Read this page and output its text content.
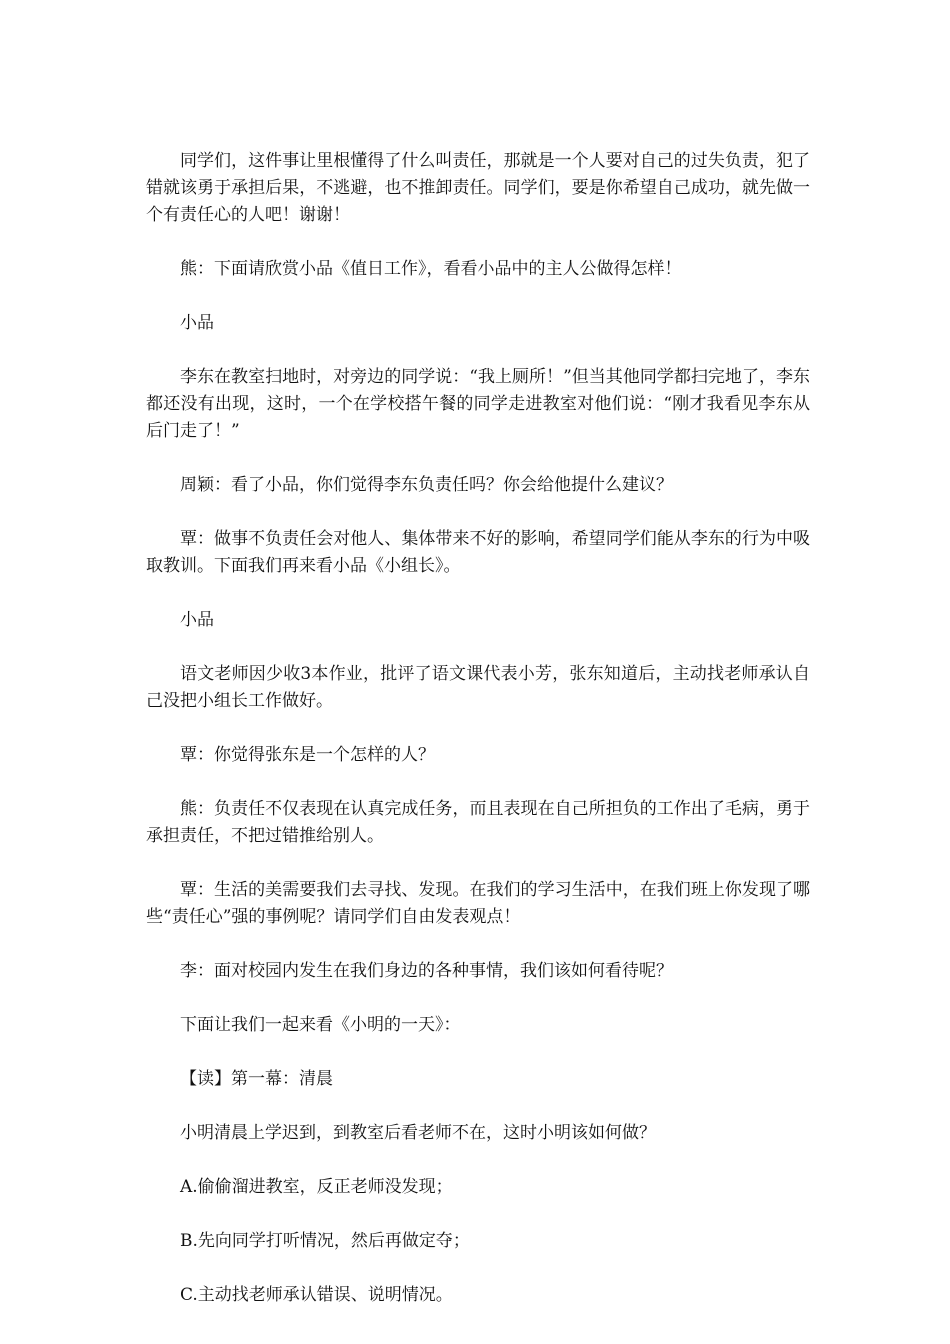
同学们，这件事让里根懂得了什么叫责任，那就是一个人要对自己的过失负责，犯了错就该勇于承担后果，不逃避，也不推卸责任。同学们，要是你希望自己成功，就先做一个有责任心的人吧！谢谢！

熊：下面请欣赏小品《值日工作》，看看小品中的主人公做得怎样！

小品

李东在教室扫地时，对旁边的同学说：“我上厕所！”但当其他同学都扫完地了，李东都还没有出现，这时，一个在学校搭午餐的同学走进教室对他们说：“刚才我看见李东从后门走了！”

周颖：看了小品，你们觉得李东负责任吗？你会给他提什么建议？

覃：做事不负责任会对他人、集体带来不好的影响，希望同学们能从李东的行为中吸取教训。下面我们再来看小品《小组长》。

小品

语文老师因少收3本作业，批评了语文课代表小芳，张东知道后，主动找老师承认自己没把小组长工作做好。

覃：你觉得张东是一个怎样的人？

熊：负责任不仅表现在认真完成任务，而且表现在自己所担负的工作出了毛病，勇于承担责任，不把过错推给别人。

覃：生活的美需要我们去寻找、发现。在我们的学习生活中，在我们班上你发现了哪些“责任心”强的事例呢？请同学们自由发表观点！

李：面对校园内发生在我们身边的各种事情，我们该如何看待呢？

下面让我们一起来看《小明的一天》：

【读】第一幕：清晨

小明清晨上学迟到，到教室后看老师不在，这时小明该如何做？

A.偷偷溜进教室，反正老师没发现；

B.先向同学打听情况，然后再做定夺；

C.主动找老师承认错误、说明情况。
